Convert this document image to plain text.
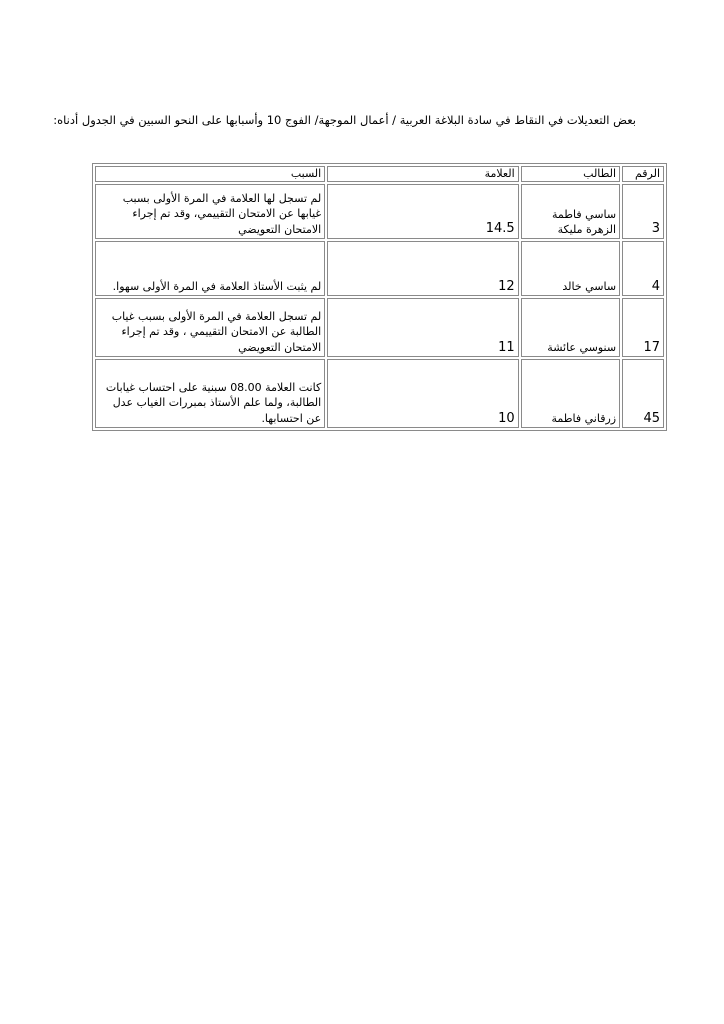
بعض التعديلات في النقاط في سادة البلاغة العربية / أعمال الموجهة/ الفوج 10 وأسبابها على النحو السبين في الجدول أدناه:
الرقم	الطالب	العلامة	السبب
3	ساسي فاطمة الزهرة مليكة	14.5	لم تسجل لها العلامة في المرة الأولى بسبب غيابها عن الامتحان التقييمي، وقد تم إجراء الامتحان التعويضي
4	ساسي خالد	12	لم يثبت الأستاذ العلامة في المرة الأولى سهوا.
17	سنوسي عائشة	11	لم تسجل العلامة في المرة الأولى بسبب غياب الطالبة عن الامتحان التقييمي ، وقد تم إجراء الامتحان التعويضي
45	زرقاني فاطمة	10	كانت العلامة 08.00 سبنية على احتساب غيابات الطالبة، ولما علم الأستاذ بمبررات الغياب عدل عن احتسابها.
